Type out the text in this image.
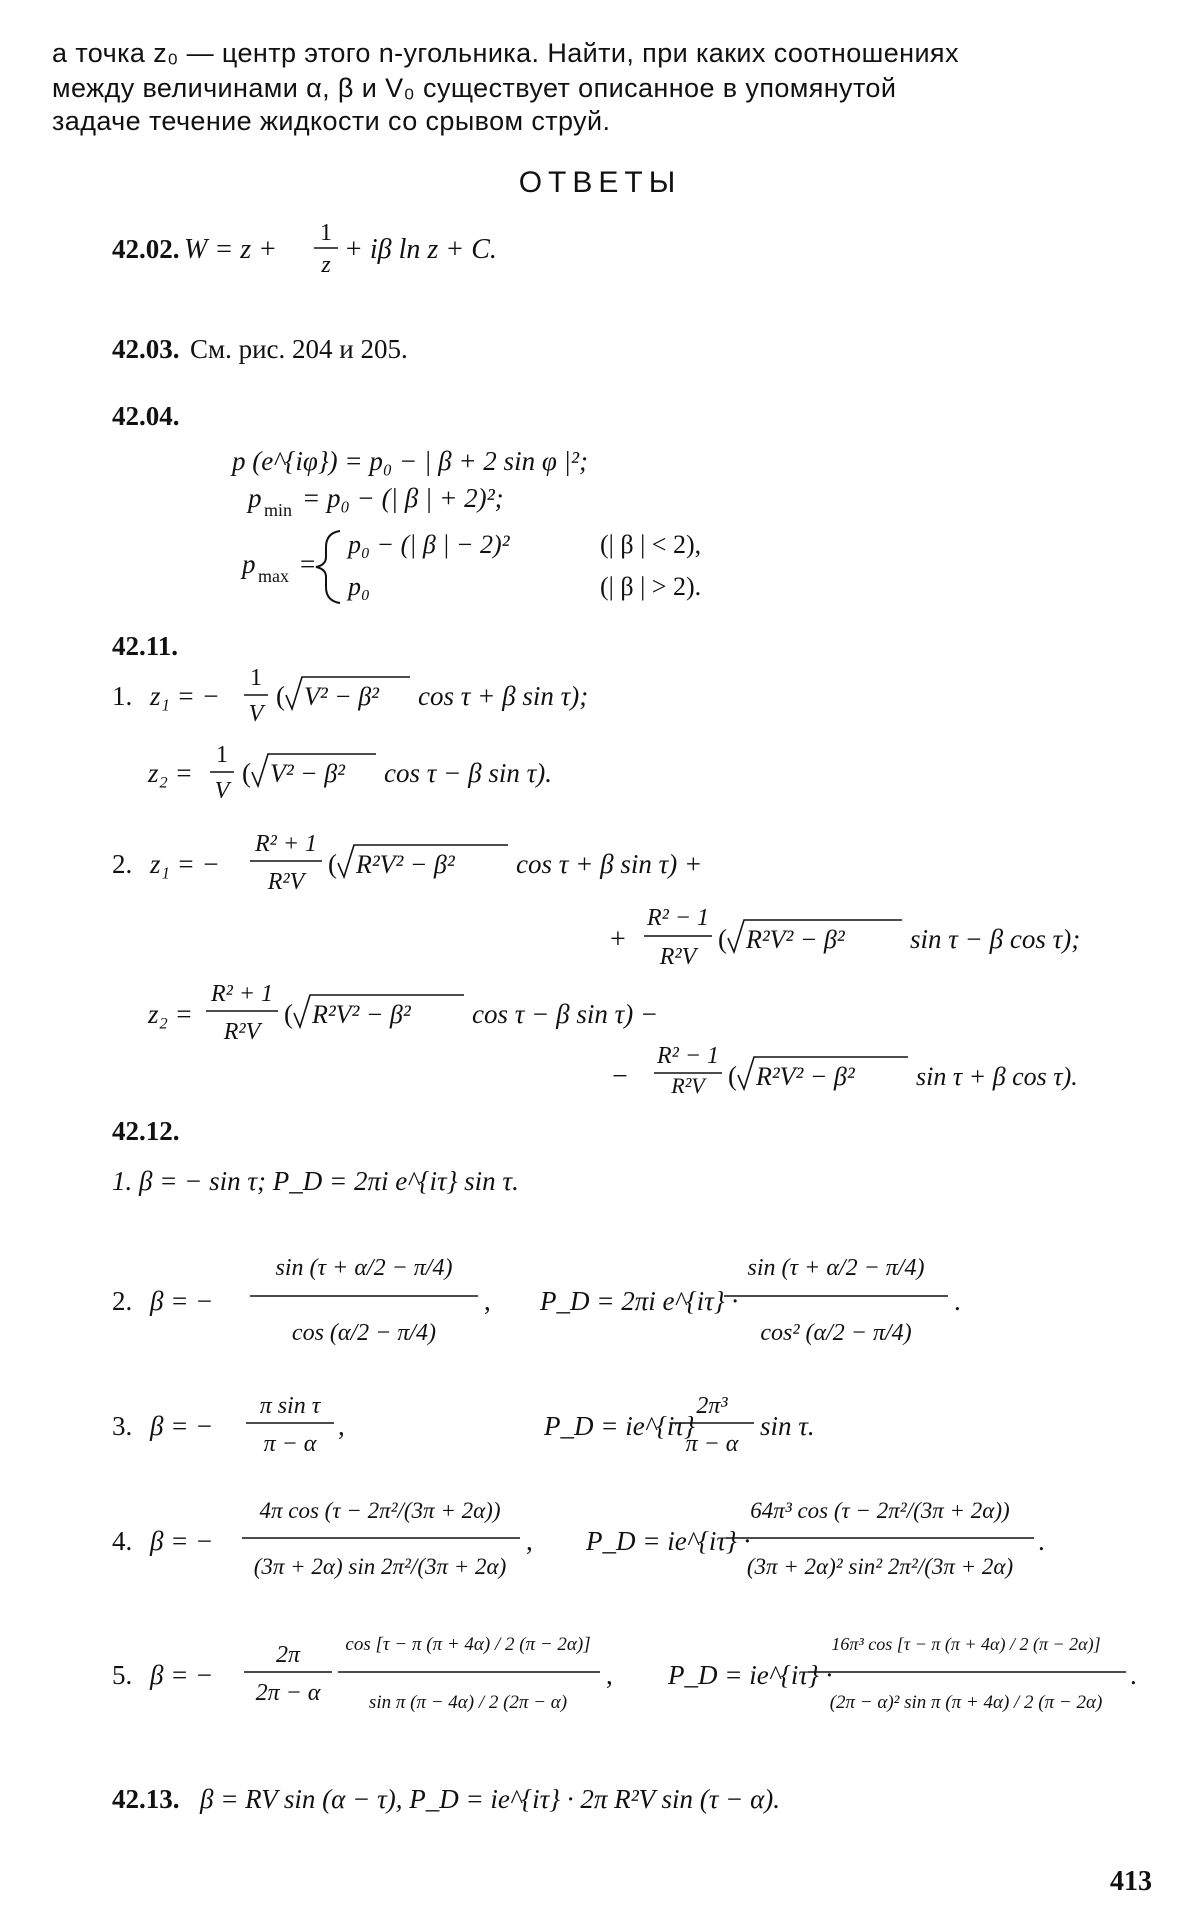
а точка z₀ — центр этого n-угольника. Найти, при каких соотношениях
между величинами α, β и V₀ существует описанное в упомянутой
задаче течение жидкости со срывом струй.
ОТВЕТЫ
42.02. W = z +
1
z + iβ ln z + C.
42.03. См. рис. 204 и 205.
42.04.
p (e^{iφ}) = p₀ − | β + 2 sin φ |²;
p min = p₀ − (| β | + 2)²;
p max =
p₀ − (| β | − 2)²	(| β | < 2),
p₀	(| β | > 2).
42.11.
1. z₁ = −
1
V
( V² − β² cos τ + β sin τ);
z₂ =
1
V
( V² − β² cos τ − β sin τ).
2. z₁ = −
R² + 1
R²V
( R²V² − β² cos τ + β sin τ) +
+
R² − 1
R²V
( R²V² − β² sin τ − β cos τ);
z₂ =
R² + 1
R²V
( R²V² − β² cos τ − β sin τ) −
−
R² − 1
R²V ( R²V² − β² sin τ + β cos τ).
42.12.
1. β = − sin τ; P_D = 2πi e^{iτ} sin τ.
2. β = −
sin (τ + α/2 − π/4)
cos (α/2 − π/4)
, P_D = 2πi e^{iτ} ·
sin (τ + α/2 − π/4)
cos² (α/2 − π/4)
.
3. β = −
π sin τ
π − α
,	P_D = ie^{iτ}
2π³
π − α
sin τ.
4. β = −
4π cos (τ − 2π²/(3π + 2α))
(3π + 2α) sin 2π²/(3π + 2α)
, P_D = ie^{iτ} ·
64π³ cos (τ − 2π²/(3π + 2α))
(3π + 2α)² sin² 2π²/(3π + 2α)
.
5. β = −
2π
2π − α
cos [τ − π (π + 4α) / 2 (π − 2α)]
sin π (π − 4α) / 2 (2π − α)
, P_D = ie^{iτ} ·
16π³ cos [τ − π (π + 4α) / 2 (π − 2α)]
(2π − α)² sin π (π + 4α) / 2 (π − 2α)
.
42.13. β = RV sin (α − τ), P_D = ie^{iτ} · 2π R²V sin (τ − α).
413
